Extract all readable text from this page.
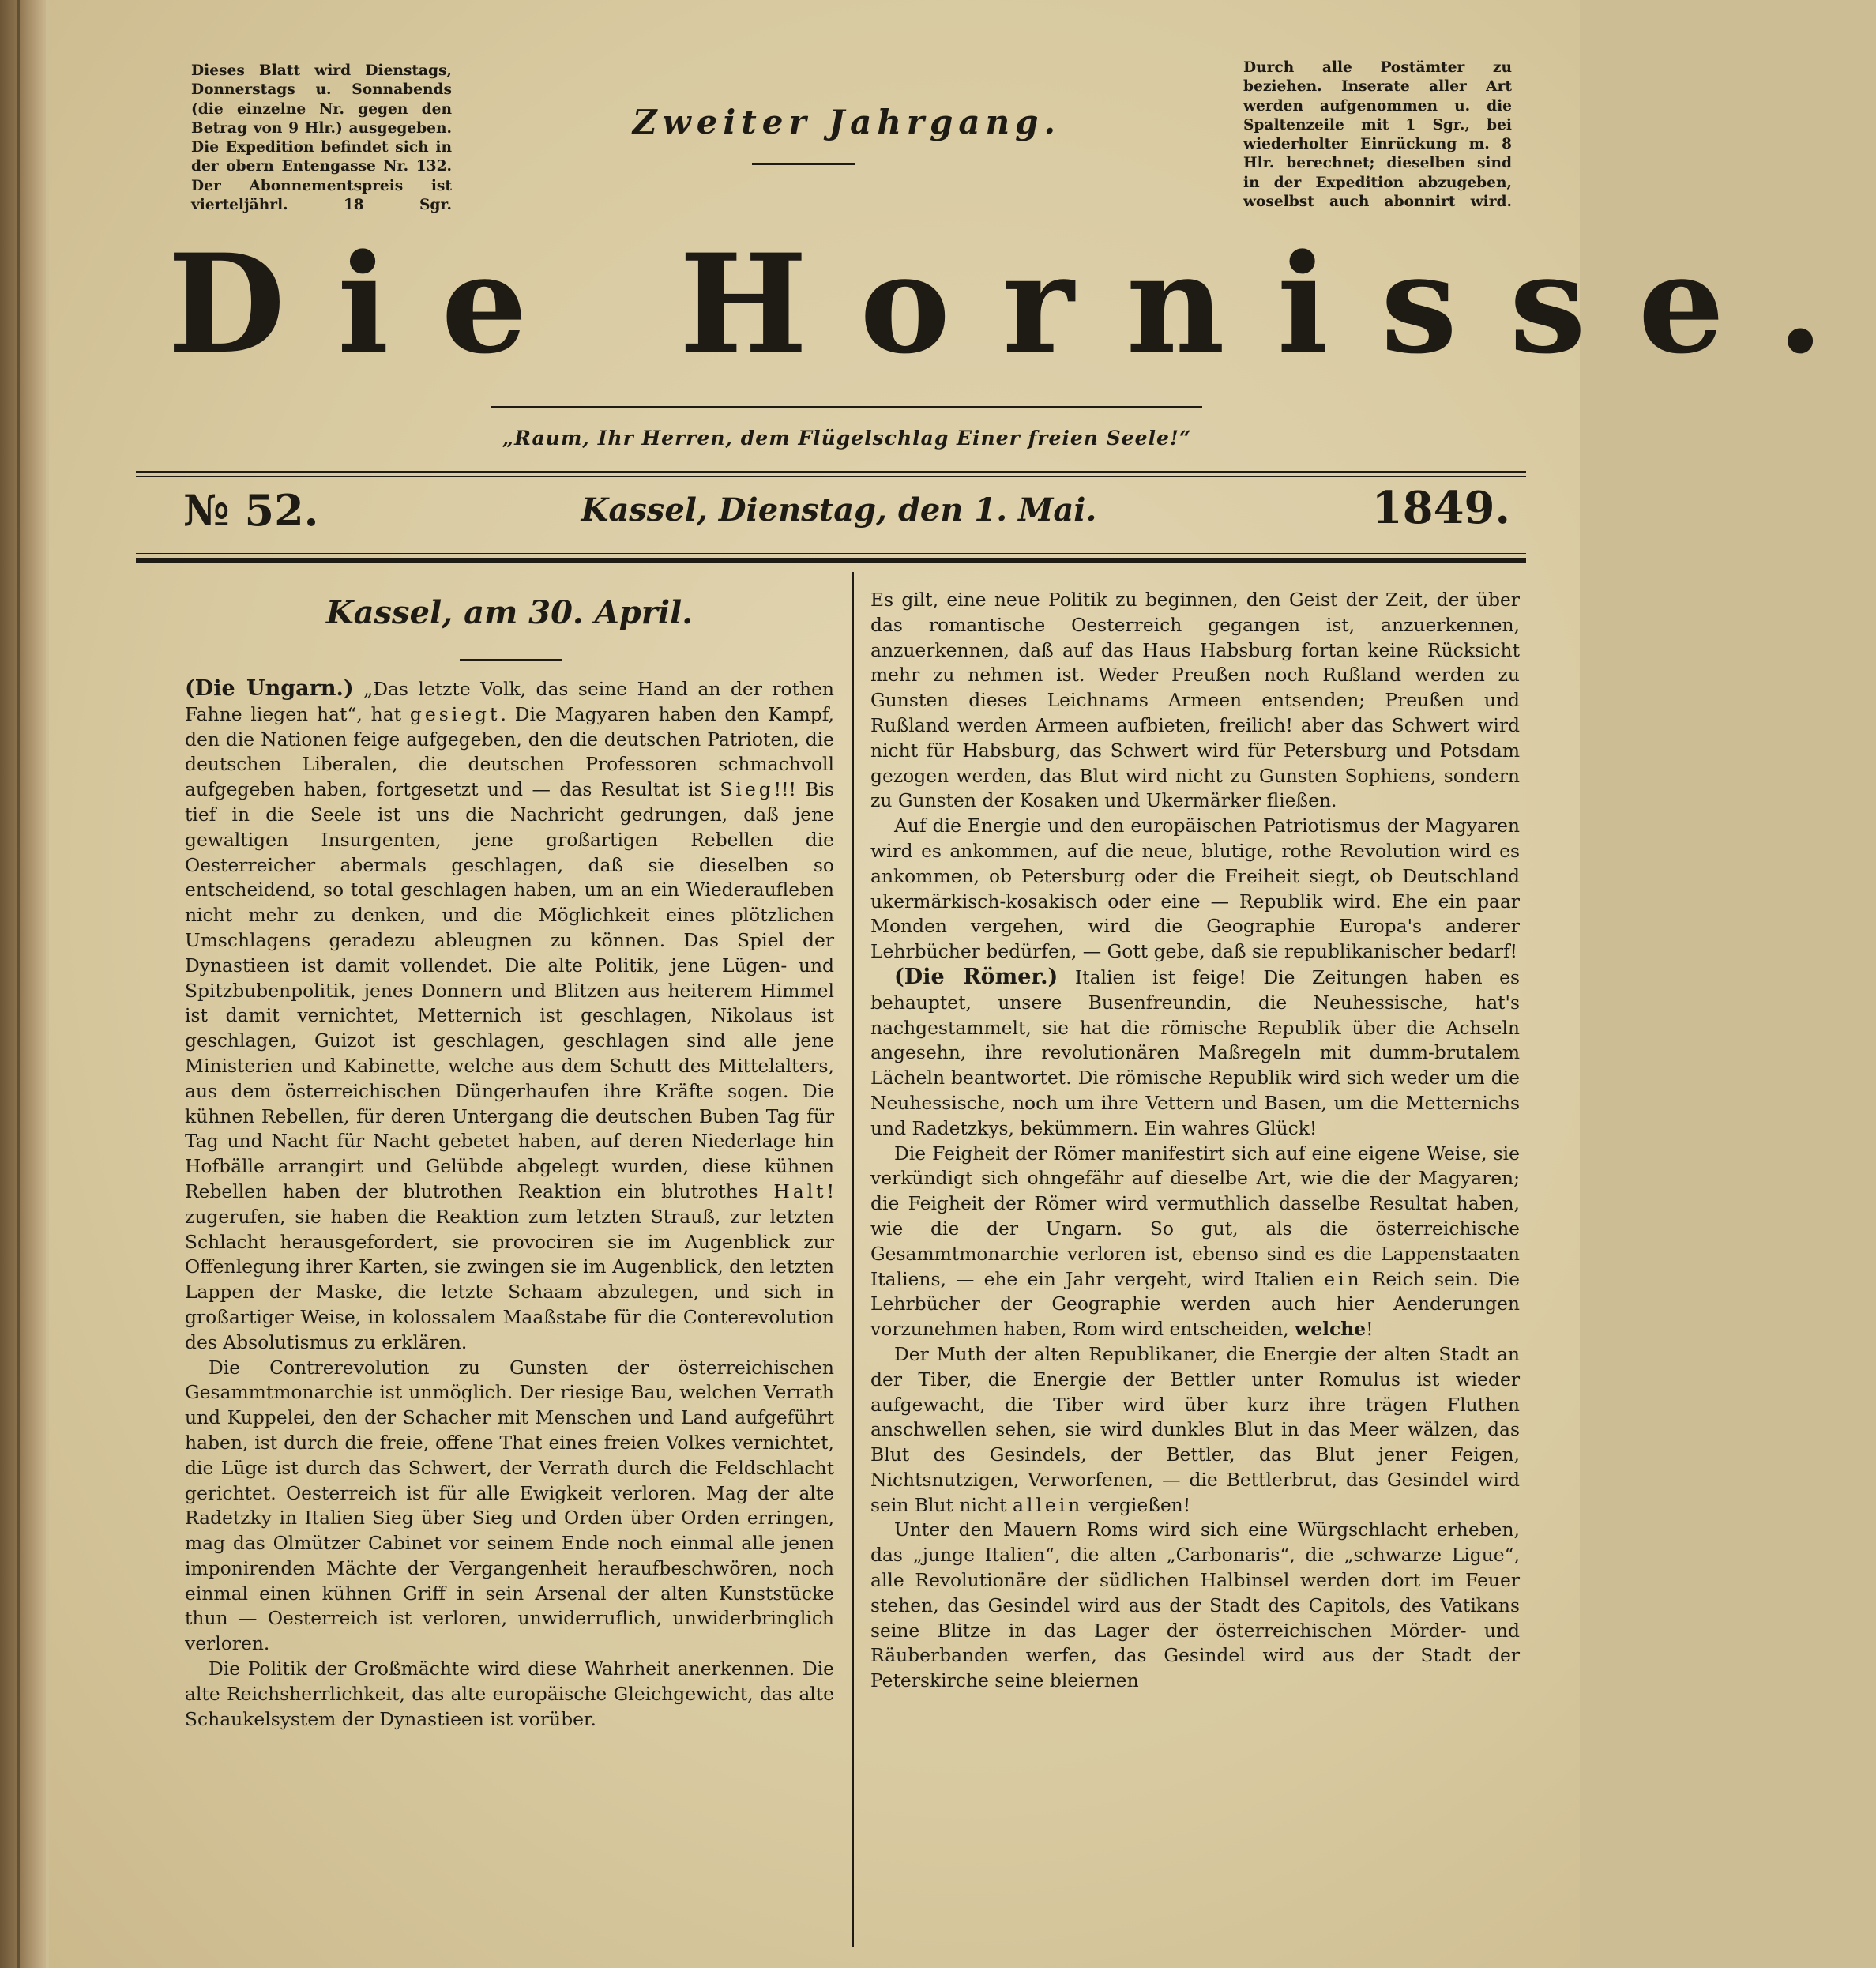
Dieses Blatt wird Dienstags, Donnerstags u. Sonnabends (die einzelne Nr. gegen den Betrag von 9 Hlr.) ausgegeben. Die Expedition befindet sich in der obern Entengasse Nr. 132. Der Abonnementspreis ist vierteljährl. 18 Sgr.
Durch alle Postämter zu beziehen. Inserate aller Art werden aufgenommen u. die Spaltenzeile mit 1 Sgr., bei wiederholter Einrückung m. 8 Hlr. berechnet; dieselben sind in der Expedition abzugeben, woselbst auch abonnirt wird.
Zweiter Jahrgang.
Die Hornisse.
„Raum, Ihr Herren, dem Flügelschlag Einer freien Seele!“
№ 52.	Kassel, Dienstag, den 1. Mai.	1849.
Kassel, am 30. April.

(Die Ungarn.) „Das letzte Volk, das seine Hand an der rothen Fahne liegen hat“, hat gesiegt. Die Magyaren haben den Kampf, den die Nationen feige aufgegeben, den die deutschen Patrioten, die deutschen Liberalen, die deutschen Professoren schmachvoll aufgegeben haben, fortgesetzt und — das Resultat ist Sieg!!! Bis tief in die Seele ist uns die Nachricht gedrungen, daß jene gewaltigen Insurgenten, jene großartigen Rebellen die Oesterreicher abermals geschlagen, daß sie dieselben so entscheidend, so total geschlagen haben, um an ein Wiederaufleben nicht mehr zu denken, und die Möglichkeit eines plötzlichen Umschlagens geradezu ableugnen zu können. Das Spiel der Dynastieen ist damit vollendet. Die alte Politik, jene Lügen- und Spitzbubenpolitik, jenes Donnern und Blitzen aus heiterem Himmel ist damit vernichtet, Metternich ist geschlagen, Nikolaus ist geschlagen, Guizot ist geschlagen, geschlagen sind alle jene Ministerien und Kabinette, welche aus dem Schutt des Mittelalters, aus dem österreichischen Düngerhaufen ihre Kräfte sogen. Die kühnen Rebellen, für deren Untergang die deutschen Buben Tag für Tag und Nacht für Nacht gebetet haben, auf deren Niederlage hin Hofbälle arrangirt und Gelübde abgelegt wurden, diese kühnen Rebellen haben der blutrothen Reaktion ein blutrothes Halt! zugerufen, sie haben die Reaktion zum letzten Strauß, zur letzten Schlacht herausgefordert, sie provociren sie im Augenblick zur Offenlegung ihrer Karten, sie zwingen sie im Augenblick, den letzten Lappen der Maske, die letzte Schaam abzulegen, und sich in großartiger Weise, in kolossalem Maaßstabe für die Conterevolution des Absolutismus zu erklären.

Die Contrerevolution zu Gunsten der österreichischen Gesammtmonarchie ist unmöglich. Der riesige Bau, welchen Verrath und Kuppelei, den der Schacher mit Menschen und Land aufgeführt haben, ist durch die freie, offene That eines freien Volkes vernichtet, die Lüge ist durch das Schwert, der Verrath durch die Feldschlacht gerichtet. Oesterreich ist für alle Ewigkeit verloren. Mag der alte Radetzky in Italien Sieg über Sieg und Orden über Orden erringen, mag das Olmützer Cabinet vor seinem Ende noch einmal alle jenen imponirenden Mächte der Vergangenheit heraufbeschwören, noch einmal einen kühnen Griff in sein Arsenal der alten Kunststücke thun — Oesterreich ist verloren, unwiderruflich, unwiderbringlich verloren.

Die Politik der Großmächte wird diese Wahrheit anerkennen. Die alte Reichsherrlichkeit, das alte europäische Gleichgewicht, das alte Schaukelsystem der Dynastieen ist vorüber.

Es gilt, eine neue Politik zu beginnen, den Geist der Zeit, der über das romantische Oesterreich gegangen ist, anzuerkennen, anzuerkennen, daß auf das Haus Habsburg fortan keine Rücksicht mehr zu nehmen ist. Weder Preußen noch Rußland werden zu Gunsten dieses Leichnams Armeen entsenden; Preußen und Rußland werden Armeen aufbieten, freilich! aber das Schwert wird nicht für Habsburg, das Schwert wird für Petersburg und Potsdam gezogen werden, das Blut wird nicht zu Gunsten Sophiens, sondern zu Gunsten der Kosaken und Ukermärker fließen.

Auf die Energie und den europäischen Patriotismus der Magyaren wird es ankommen, auf die neue, blutige, rothe Revolution wird es ankommen, ob Petersburg oder die Freiheit siegt, ob Deutschland ukermärkisch-kosakisch oder eine — Republik wird. Ehe ein paar Monden vergehen, wird die Geographie Europa's anderer Lehrbücher bedürfen, — Gott gebe, daß sie republikanischer bedarf!

(Die Römer.) Italien ist feige! Die Zeitungen haben es behauptet, unsere Busenfreundin, die Neuhessische, hat's nachgestammelt, sie hat die römische Republik über die Achseln angesehn, ihre revolutionären Maßregeln mit dumm-brutalem Lächeln beantwortet. Die römische Republik wird sich weder um die Neuhessische, noch um ihre Vettern und Basen, um die Metternichs und Radetzkys, bekümmern. Ein wahres Glück!

Die Feigheit der Römer manifestirt sich auf eine eigene Weise, sie verkündigt sich ohngefähr auf dieselbe Art, wie die der Magyaren; die Feigheit der Römer wird vermuthlich dasselbe Resultat haben, wie die der Ungarn. So gut, als die österreichische Gesammtmonarchie verloren ist, ebenso sind es die Lappenstaaten Italiens, — ehe ein Jahr vergeht, wird Italien ein Reich sein. Die Lehrbücher der Geographie werden auch hier Aenderungen vorzunehmen haben, Rom wird entscheiden, welche!

Der Muth der alten Republikaner, die Energie der alten Stadt an der Tiber, die Energie der Bettler unter Romulus ist wieder aufgewacht, die Tiber wird über kurz ihre trägen Fluthen anschwellen sehen, sie wird dunkles Blut in das Meer wälzen, das Blut des Gesindels, der Bettler, das Blut jener Feigen, Nichtsnutzigen, Verworfenen, — die Bettlerbrut, das Gesindel wird sein Blut nicht allein vergießen!

Unter den Mauern Roms wird sich eine Würgschlacht erheben, das „junge Italien“, die alten „Carbonaris“, die „schwarze Ligue“, alle Revolutionäre der südlichen Halbinsel werden dort im Feuer stehen, das Gesindel wird aus der Stadt des Capitols, des Vatikans seine Blitze in das Lager der österreichischen Mörder- und Räuberbanden werfen, das Gesindel wird aus der Stadt der Peterskirche seine bleiernen
